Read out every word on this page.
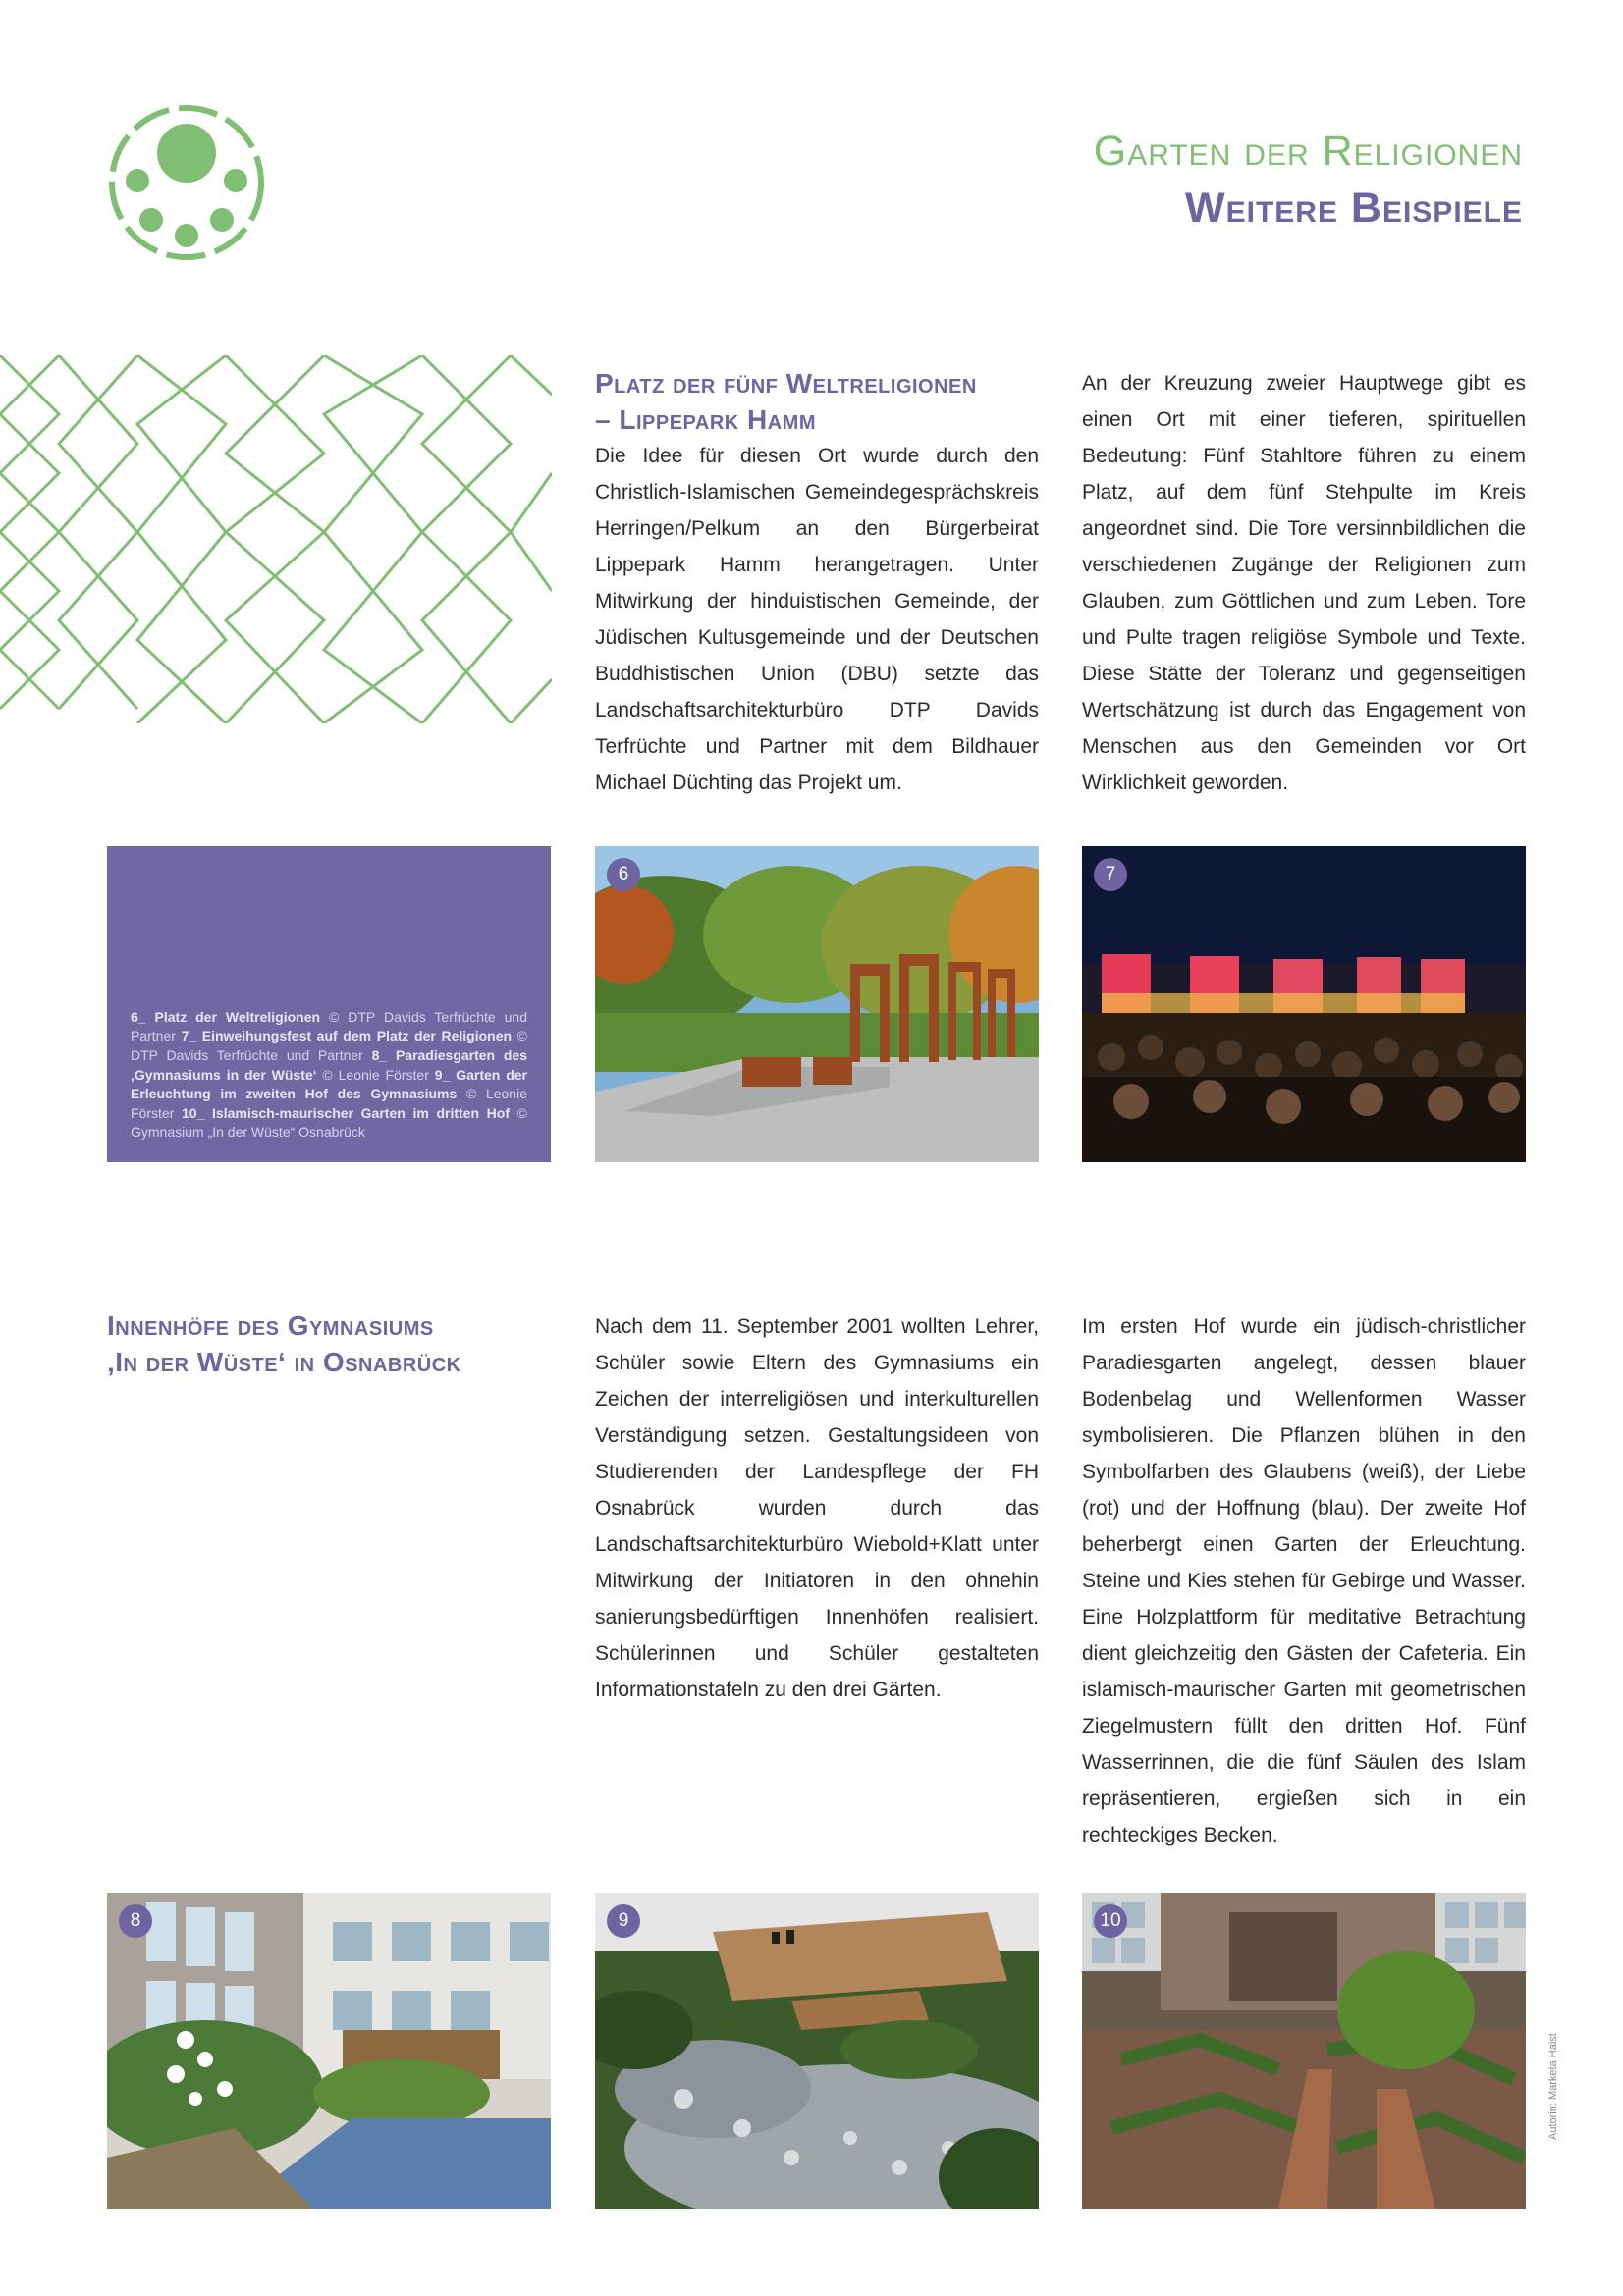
Garten der Religionen
Weitere Beispiele
Platz der fünf Weltreligionen
– Lippepark Hamm

Die Idee für diesen Ort wurde durch den Christlich-Islamischen Gemeindegesprächskreis Herringen/Pelkum an den Bürgerbeirat Lippepark Hamm herangetragen. Unter Mitwirkung der hinduistischen Gemeinde, der Jüdischen Kultusgemeinde und der Deutschen Buddhistischen Union (DBU) setzte das Landschaftsarchitekturbüro DTP Davids Terfrüchte und Partner mit dem Bildhauer Michael Düchting das Projekt um.

An der Kreuzung zweier Hauptwege gibt es einen Ort mit einer tieferen, spirituellen Bedeutung: Fünf Stahltore führen zu einem Platz, auf dem fünf Stehpulte im Kreis angeordnet sind. Die Tore versinnbildlichen die verschiedenen Zugänge der Religionen zum Glauben, zum Göttlichen und zum Leben. Tore und Pulte tragen religiöse Symbole und Texte. Diese Stätte der Toleranz und gegenseitigen Wertschätzung ist durch das Engagement von Menschen aus den Gemeinden vor Ort Wirklichkeit geworden.

6_ Platz der Weltreligionen © DTP Davids Terfrüchte und Partner 7_ Einweihungsfest auf dem Platz der Religionen © DTP Davids Terfrüchte und Partner 8_ Paradiesgarten des ‚Gymnasiums in der Wüste‘ © Leonie Förster 9_ Garten der Erleuchtung im zweiten Hof des Gymnasiums © Leonie Förster 10_ Islamisch-maurischer Garten im dritten Hof © Gymnasium „In der Wüste“ Osnabrück

6	7
Innenhöfe des Gymnasiums
‚In der Wüste‘ in Osnabrück

Nach dem 11. September 2001 wollten Lehrer, Schüler sowie Eltern des Gymnasiums ein Zeichen der interreligiösen und interkulturellen Verständigung setzen. Gestaltungsideen von Studierenden der Landespflege der FH Osnabrück wurden durch das Landschaftsarchitekturbüro Wiebold+Klatt unter Mitwirkung der Initiatoren in den ohnehin sanierungsbedürftigen Innenhöfen realisiert. Schülerinnen und Schüler gestalteten Informationstafeln zu den drei Gärten.

Im ersten Hof wurde ein jüdisch-christlicher Paradiesgarten angelegt, dessen blauer Bodenbelag und Wellenformen Wasser symbolisieren. Die Pflanzen blühen in den Symbolfarben des Glaubens (weiß), der Liebe (rot) und der Hoffnung (blau). Der zweite Hof beherbergt einen Garten der Erleuchtung. Steine und Kies stehen für Gebirge und Wasser. Eine Holzplattform für meditative Betrachtung dient gleichzeitig den Gästen der Cafeteria. Ein islamisch-maurischer Garten mit geometrischen Ziegelmustern füllt den dritten Hof. Fünf Wasserrinnen, die die fünf Säulen des Islam repräsentieren, ergießen sich in ein rechteckiges Becken.

8	9	10
Autorin: Marketa Haist
